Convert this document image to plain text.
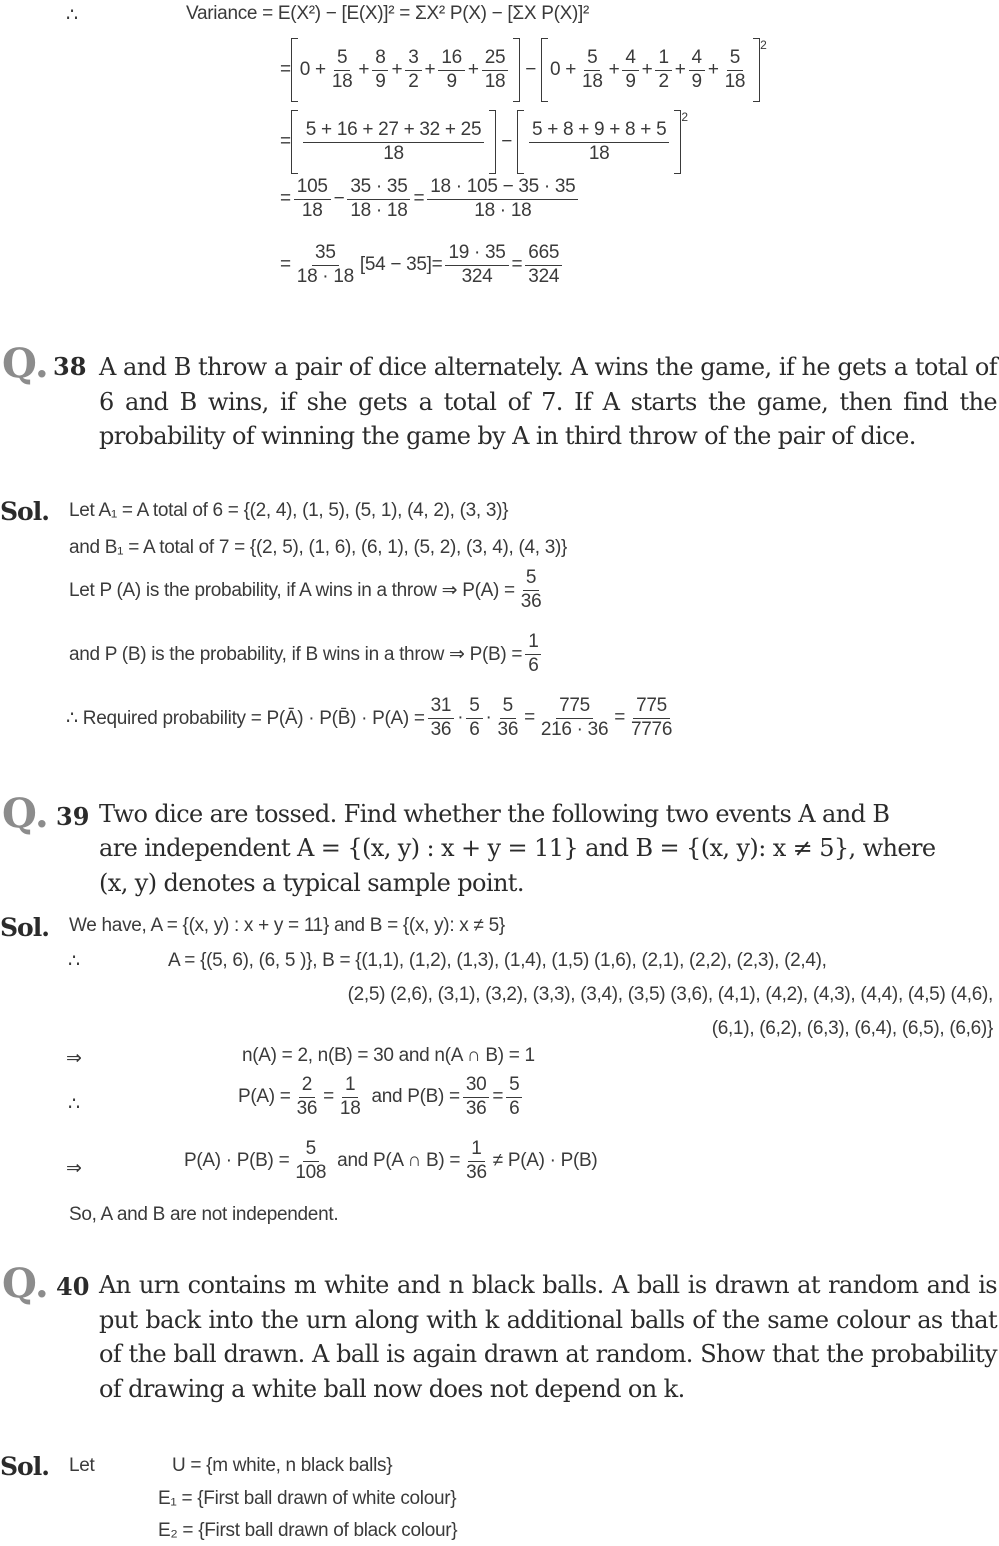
∴	Variance = E(X²) − [E(X)]² = ΣX² P(X) − [ΣX P(X)]²
= $0 + \frac{5}{18} + \frac{8}{9} + \frac{3}{2} + \frac{16}{9} + \frac{25}{18} - 0 + \frac{5}{18} + \frac{4}{9} + \frac{1}{2} + \frac{4}{9} + \frac{5}{18}$
$^2$
= $\frac{5 + 16 + 27 + 32 + 25}{18} - \frac{5 + 8 + 9 + 8 + 5}{18}$
$^2$
= $\frac{105}{18} - \frac{35 \cdot 35}{18 \cdot 18} = \frac{18 \cdot 105 - 35 \cdot 35}{18 \cdot 18}$
= $\frac{35}{18 \cdot 18} [54 - 35] = \frac{19 \cdot 35}{324} = \frac{665}{324}$
Q. 38 A and B throw a pair of dice alternately. A wins the game, if he gets a total of 6 and B wins, if she gets a total of 7. If A starts the game, then find the probability of winning the game by A in third throw of the pair of dice.
Sol. Let A₁ = A total of 6 = {(2, 4), (1, 5), (5, 1), (4, 2), (3, 3)}
and B₁ = A total of 7 = {(2, 5), (1, 6), (6, 1), (5, 2), (3, 4), (4, 3)}
Let P (A) is the probability, if A wins in a throw ⇒ $P(A) = \frac{5}{36}$
and P (B) is the probability, if B wins in a throw ⇒ $P(B) = \frac{1}{6}$
∴ Required probability = P(Ā) · P(B̄) · $P(A) = \frac{31}{36} \cdot \frac{5}{6} \cdot \frac{5}{36} = \frac{775}{216 \cdot 36} = \frac{775}{7776}$
Q. 39 Two dice are tossed. Find whether the following two events A and B
are independent A = {(x, y) : x + y = 11} and B = {(x, y): x ≠ 5}, where
(x, y) denotes a typical sample point.
Sol. We have, A = {(x, y) : x + y = 11} and B = {(x, y): x ≠ 5}
∴	A = {(5, 6), (6, 5 )}, B = {(1,1), (1,2), (1,3), (1,4), (1,5) (1,6), (2,1), (2,2), (2,3), (2,4),
(2,5) (2,6), (3,1), (3,2), (3,3), (3,4), (3,5) (3,6), (4,1), (4,2), (4,3), (4,4), (4,5) (4,6),
(6,1), (6,2), (6,3), (6,4), (6,5), (6,6)}
⇒	n(A) = 2, n(B) = 30 and n(A ∩ B) = 1
∴	$P(A) = \frac{2}{36} = \frac{1}{18}$
and $P(B) = \frac{30}{36} = \frac{5}{6}$
⇒	$P(A) \cdot P(B) = \frac{5}{108}$
and P(A ∩ $B) = \frac{1}{36} \ne P(A) \cdot P(B)$
So, A and B are not independent.
Q. 40 An urn contains m white and n black balls. A ball is drawn at random and is put back into the urn along with k additional balls of the same colour as that of the ball drawn. A ball is again drawn at random. Show that the probability of drawing a white ball now does not depend on k.
Sol. Let	U = {m white, n black balls}
E₁ = {First ball drawn of white colour}
E₂ = {First ball drawn of black colour}
